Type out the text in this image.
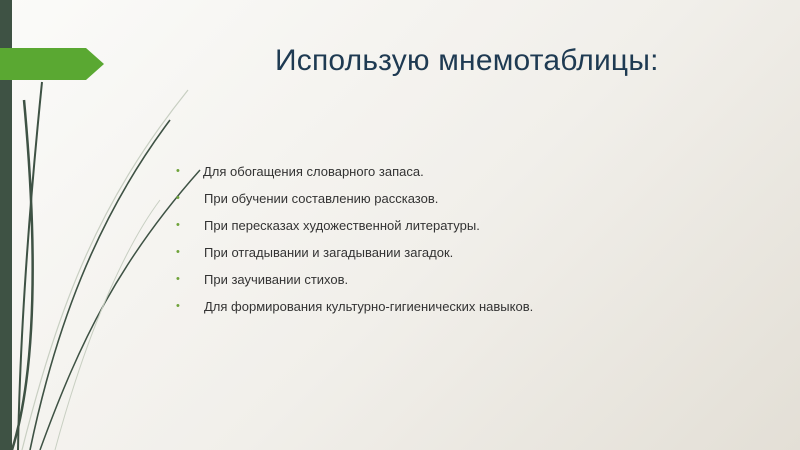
Использую мнемотаблицы:
• Для обогащения словарного запаса.
• При обучении составлению рассказов.
• При пересказах художественной литературы.
• При отгадывании и загадывании загадок.
• При заучивании стихов.
• Для формирования культурно-гигиенических навыков.
